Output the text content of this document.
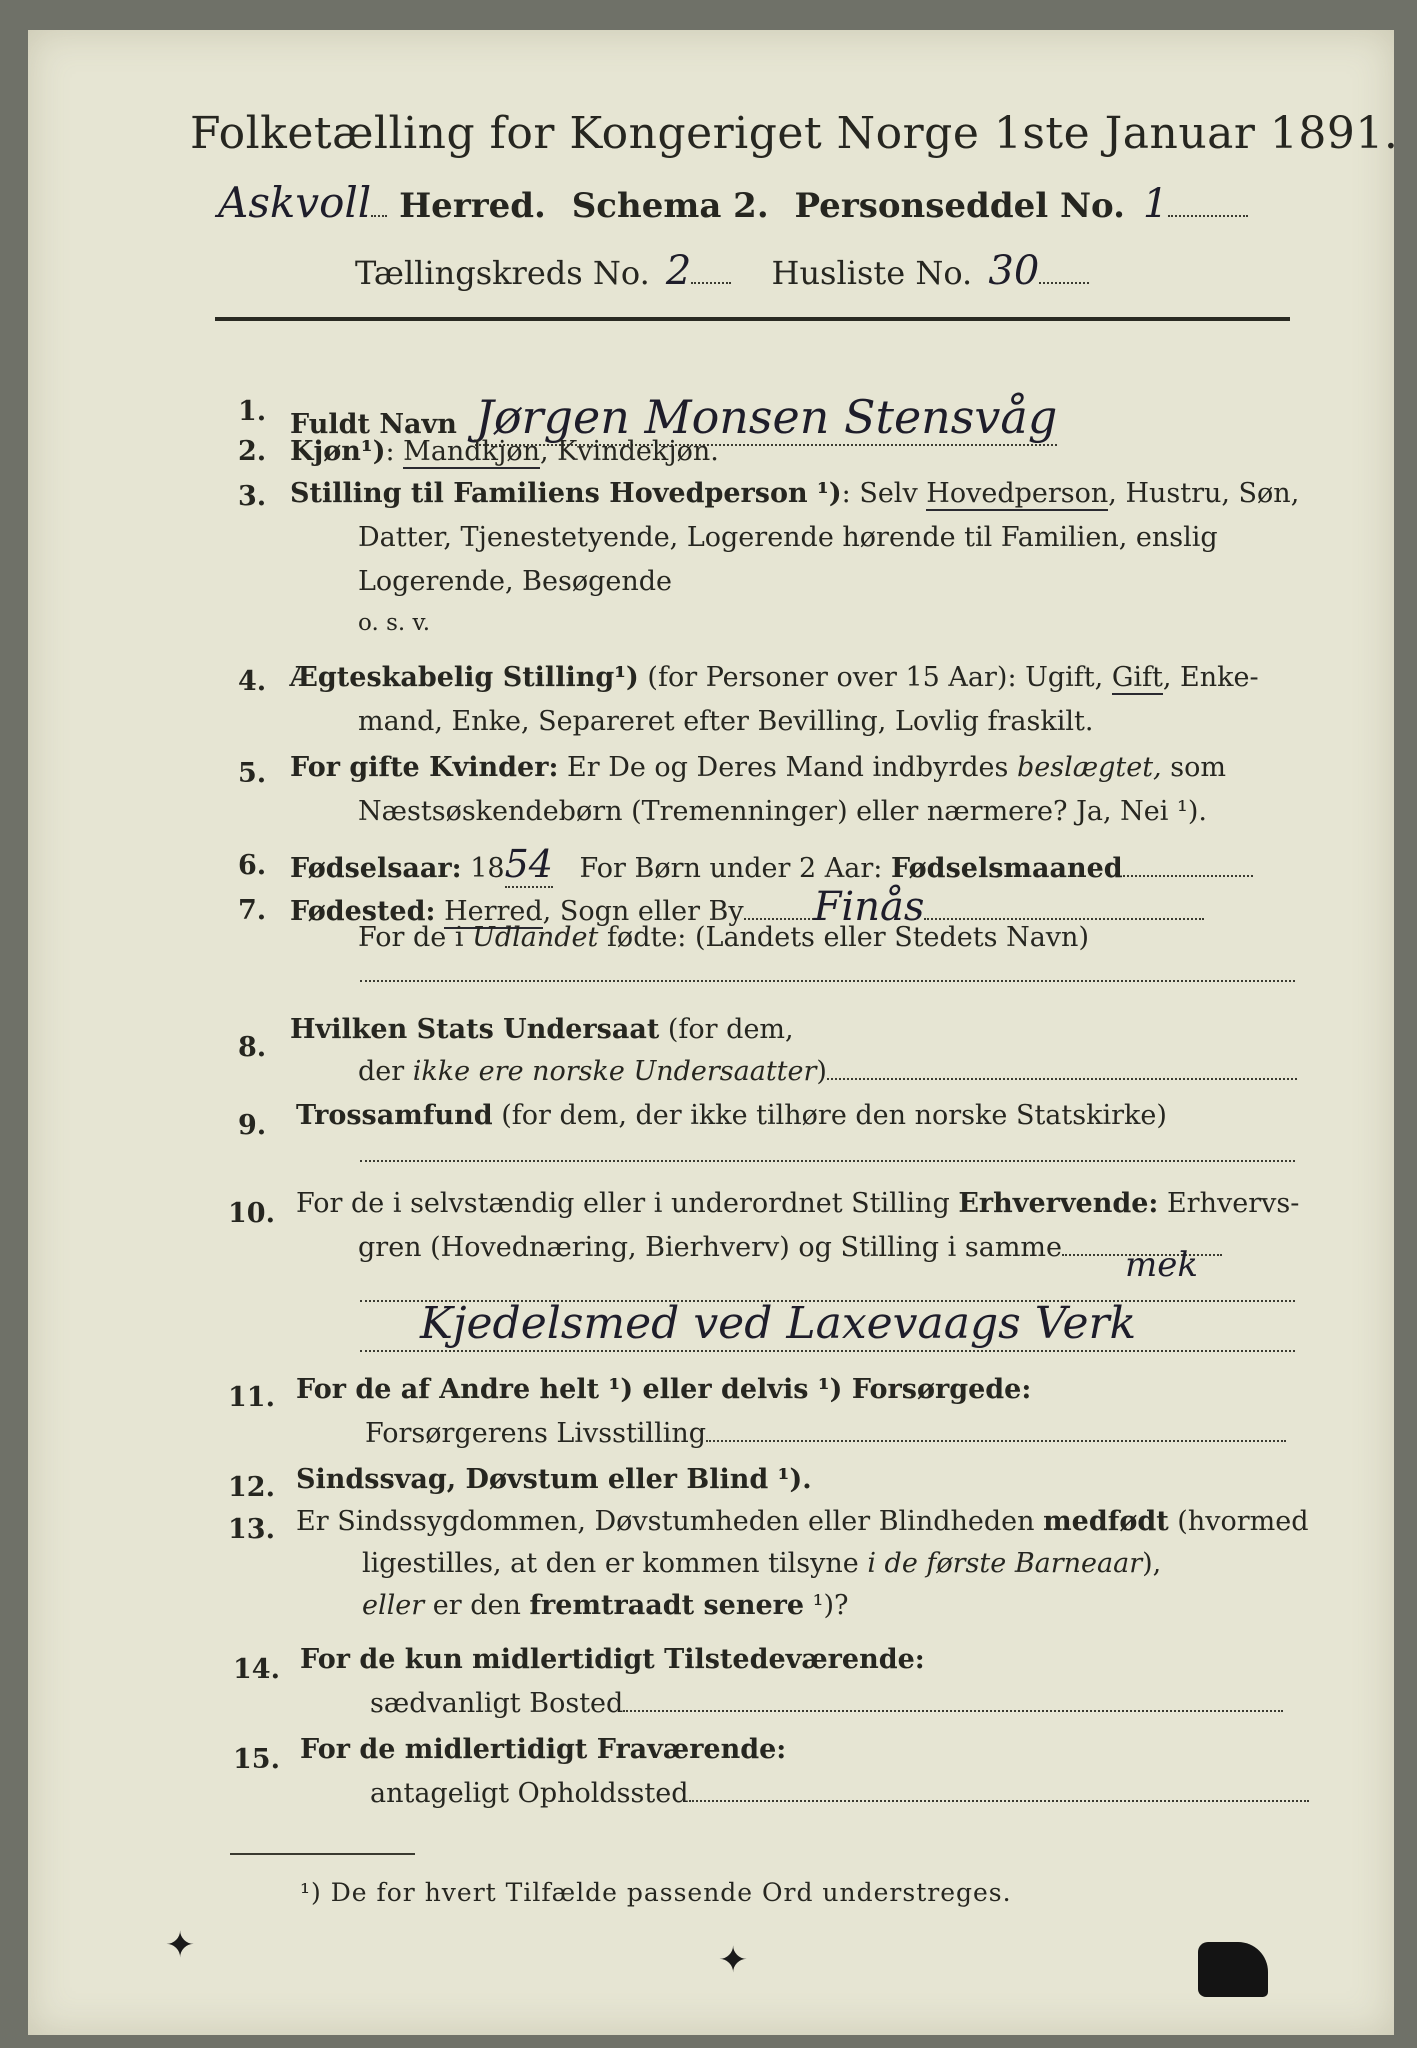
Folketælling for Kongeriget Norge 1ste Januar 1891.
Askvoll Herred. Schema 2. Personseddel No. 1
Tællingskreds No. 2	Husliste No. 30
1. Fuldt Navn Jørgen Monsen Stensvåg
2. Kjøn¹): Mandkjøn, Kvindekjøn.
3. Stilling til Familiens Hovedperson ¹): Selv Hovedperson, Hustru, Søn,
Datter, Tjenestetyende, Logerende hørende til Familien, enslig
Logerende, Besøgende
o. s. v.
4. Ægteskabelig Stilling¹) (for Personer over 15 Aar): Ugift, Gift, Enke-
mand, Enke, Separeret efter Bevilling, Lovlig fraskilt.
5. For gifte Kvinder: Er De og Deres Mand indbyrdes beslægtet, som
Næstsøskendebørn (Tremenninger) eller nærmere? Ja, Nei ¹).
6. Fødselsaar: 1854 For Børn under 2 Aar: Fødselsmaaned
7. Fødested: Herred, Sogn eller By Finås
For de i Udlandet fødte: (Landets eller Stedets Navn)
8.
Hvilken Stats Undersaat (for dem,
der ikke ere norske Undersaatter)
9. Trossamfund (for dem, der ikke tilhøre den norske Statskirke)
10. For de i selvstændig eller i underordnet Stilling Erhvervende: Erhvervs-
gren (Hovednæring, Bierhverv) og Stilling i samme	mek
Kjedelsmed ved Laxevaags Verk
11. For de af Andre helt ¹) eller delvis ¹) Forsørgede:
Forsørgerens Livsstilling
12. Sindssvag, Døvstum eller Blind ¹).
13. Er Sindssygdommen, Døvstumheden eller Blindheden medfødt (hvormed
ligestilles, at den er kommen tilsyne i de første Barneaar),
eller er den fremtraadt senere ¹)?
14. For de kun midlertidigt Tilstedeværende:
sædvanligt Bosted
15. For de midlertidigt Fraværende:
antageligt Opholdssted
¹) De for hvert Tilfælde passende Ord understreges.
✦	✦
